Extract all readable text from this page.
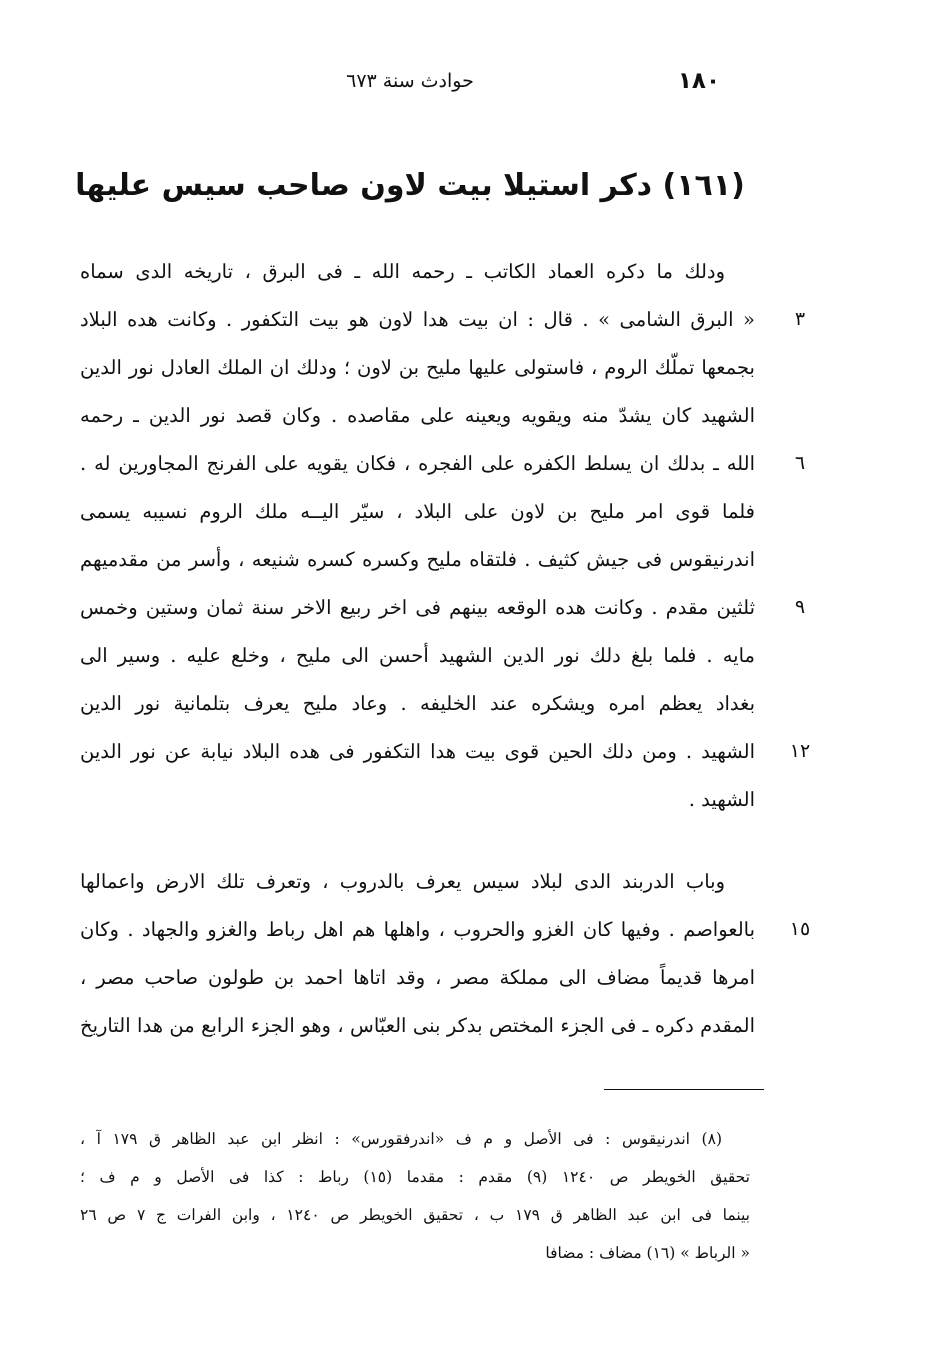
حوادث سنة ٦٧٣	١٨٠
(١٦١) دكر استيلا بيت لاون صاحب سيس عليها
ودلك ما دكره العماد الكاتب ـ رحمه الله ـ فى البرق ، تاريخه الدى سماه
« البرق الشامى » . قال : ان بيت هدا لاون هو بيت التكفور . وكانت هده البلاد
بجمعها تملّك الروم ، فاستولى عليها مليح بن لاون ؛ ودلك ان الملك العادل نور الدين
الشهيد كان يشدّ منه ويقويه ويعينه على مقاصده . وكان قصد نور الدين ـ رحمه
الله ـ بدلك ان يسلط الكفره على الفجره ، فكان يقويه على الفرنج المجاورين له .
فلما قوى امر مليح بن لاون على البلاد ، سيّر اليــه ملك الروم نسيبه يسمى
اندرنيقوس فى جيش كثيف . فلتقاه مليح وكسره كسره شنيعه ، وأسر من مقدميهم
ثلثين مقدم . وكانت هده الوقعه بينهم فى اخر ربيع الاخر سنة ثمان وستين وخمس
مايه . فلما بلغ دلك نور الدين الشهيد أحسن الى مليح ، وخلع عليه . وسير الى
بغداد يعظم امره ويشكره عند الخليفه . وعاد مليح يعرف بتلمانية نور الدين
الشهيد . ومن دلك الحين قوى بيت هدا التكفور فى هده البلاد نيابة عن نور الدين
الشهيد .
وباب الدربند الدى لبلاد سيس يعرف بالدروب ، وتعرف تلك الارض واعمالها
بالعواصم . وفيها كان الغزو والحروب ، واهلها هم اهل رباط والغزو والجهاد . وكان
امرها قديماً مضاف الى مملكة مصر ، وقد اتاها احمد بن طولون صاحب مصر ،
المقدم دكره ـ فى الجزء المختص بدكر بنى العبّاس ، وهو الجزء الرابع من هدا التاريخ
٣
٦
٩
١٢
١٥
(٨) اندرنيقوس : فى الأصل و م ف «اندرفقورس» : انظر ابن عبد الظاهر ق ١٧٩ آ ،
تحقيق الخويطر ص ١٢٤٠ (٩) مقدم : مقدما (١٥) رباط : كذا فى الأصل و م ف ؛
بينما فى ابن عبد الظاهر ق ١٧٩ ب ، تحقيق الخويطر ص ١٢٤٠ ، وابن الفرات ج ٧ ص ٢٦
« الرباط » (١٦) مضاف : مضافا
